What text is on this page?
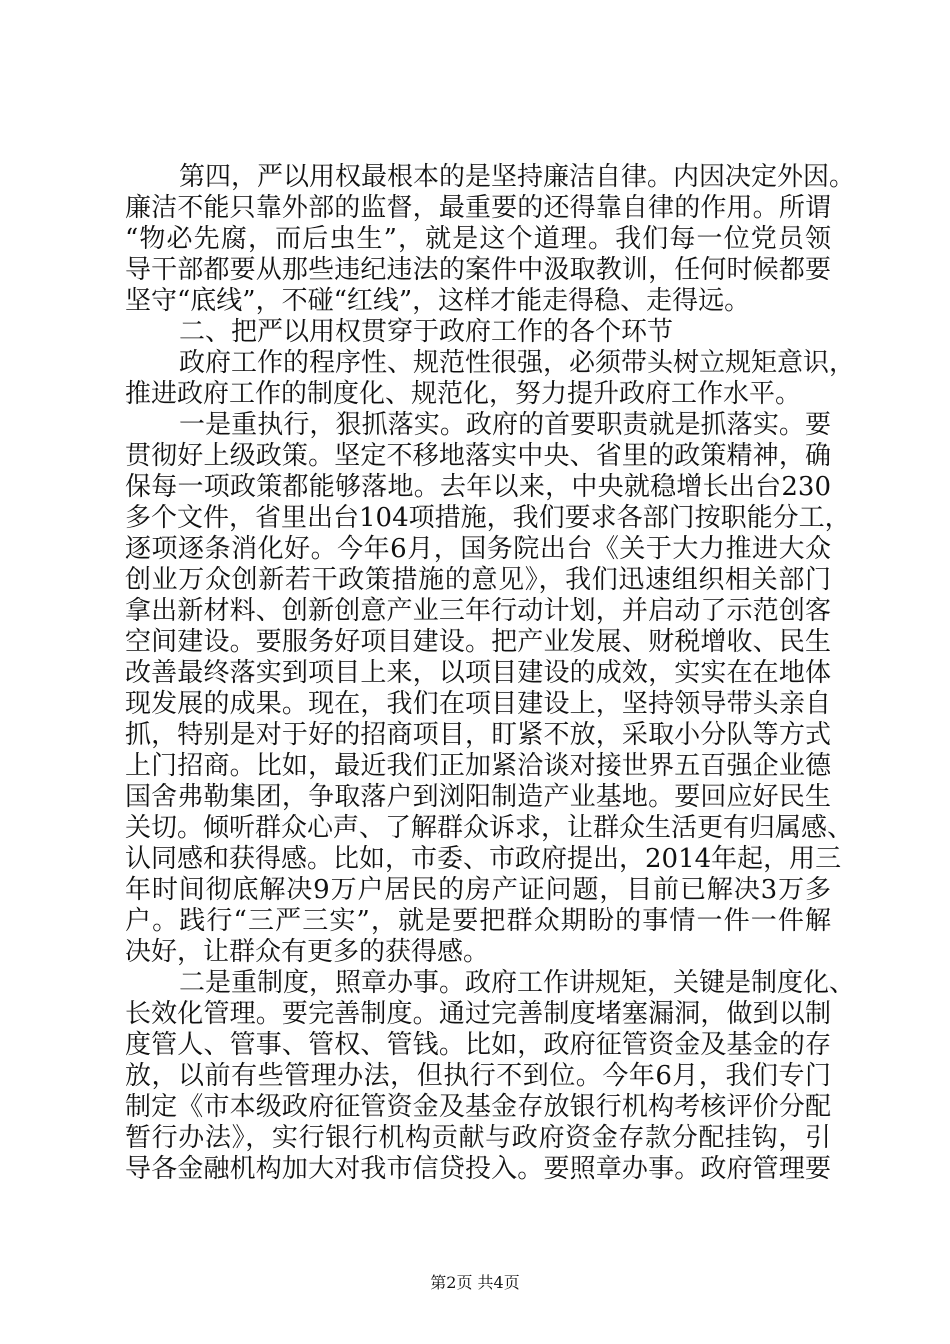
第四，严以用权最根本的是坚持廉洁自律。内因决定外因。
廉洁不能只靠外部的监督，最重要的还得靠自律的作用。所谓
“物必先腐，而后虫生”，就是这个道理。我们每一位党员领
导干部都要从那些违纪违法的案件中汲取教训，任何时候都要
坚守“底线”，不碰“红线”，这样才能走得稳、走得远。
二、把严以用权贯穿于政府工作的各个环节
政府工作的程序性、规范性很强，必须带头树立规矩意识，
推进政府工作的制度化、规范化，努力提升政府工作水平。
一是重执行，狠抓落实。政府的首要职责就是抓落实。要
贯彻好上级政策。坚定不移地落实中央、省里的政策精神，确
保每一项政策都能够落地。去年以来，中央就稳增长出台230
多个文件，省里出台104项措施，我们要求各部门按职能分工，
逐项逐条消化好。今年6月，国务院出台《关于大力推进大众
创业万众创新若干政策措施的意见》，我们迅速组织相关部门
拿出新材料、创新创意产业三年行动计划，并启动了示范创客
空间建设。要服务好项目建设。把产业发展、财税增收、民生
改善最终落实到项目上来，以项目建设的成效，实实在在地体
现发展的成果。现在，我们在项目建设上，坚持领导带头亲自
抓，特别是对于好的招商项目，盯紧不放，采取小分队等方式
上门招商。比如，最近我们正加紧洽谈对接世界五百强企业德
国舍弗勒集团，争取落户到浏阳制造产业基地。要回应好民生
关切。倾听群众心声、了解群众诉求，让群众生活更有归属感、
认同感和获得感。比如，市委、市政府提出，2014年起，用三
年时间彻底解决9万户居民的房产证问题，目前已解决3万多
户。践行“三严三实”，就是要把群众期盼的事情一件一件解
决好，让群众有更多的获得感。
二是重制度，照章办事。政府工作讲规矩，关键是制度化、
长效化管理。要完善制度。通过完善制度堵塞漏洞，做到以制
度管人、管事、管权、管钱。比如，政府征管资金及基金的存
放，以前有些管理办法，但执行不到位。今年6月，我们专门
制定《市本级政府征管资金及基金存放银行机构考核评价分配
暂行办法》，实行银行机构贡献与政府资金存款分配挂钩，引
导各金融机构加大对我市信贷投入。要照章办事。政府管理要
第2页 共4页
